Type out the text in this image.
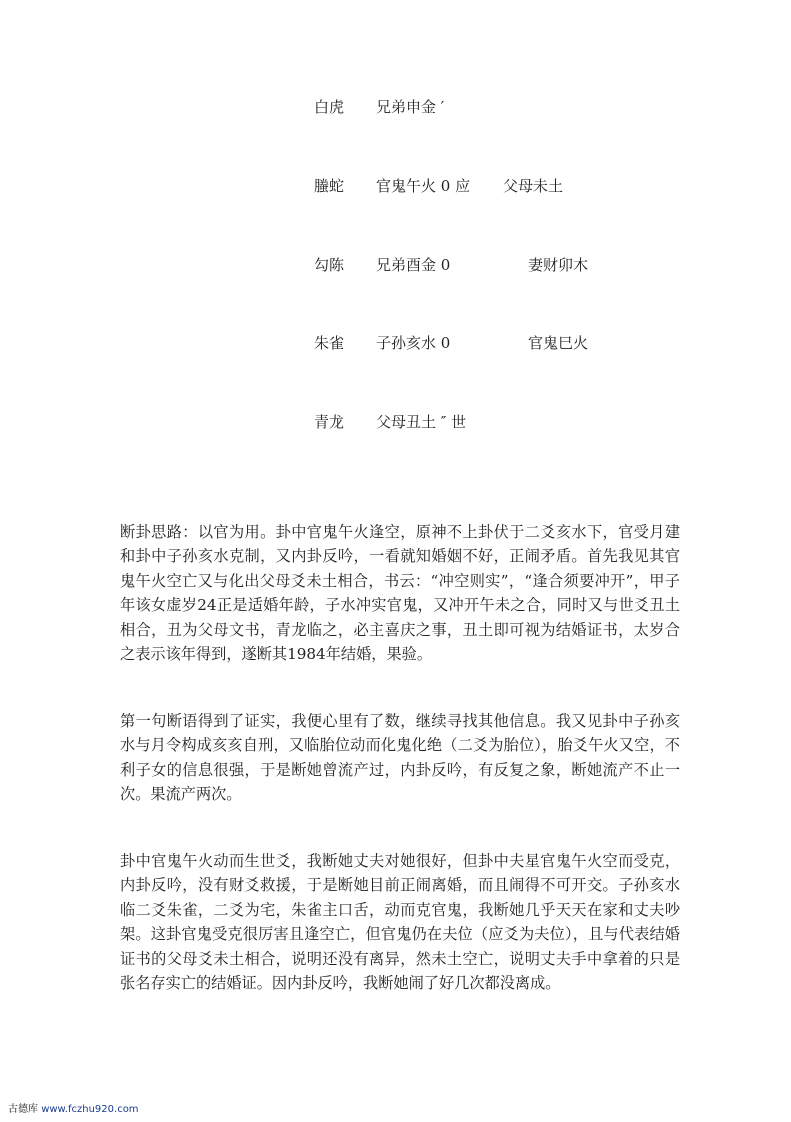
白虎 兄弟申金 ′
螣蛇 官鬼午火 0 应 父母未土
勾陈 兄弟酉金 0	妻财卯木
朱雀 子孙亥水 0	官鬼巳火
青龙 父母丑土 ″ 世

断卦思路：以官为用。卦中官鬼午火逢空，原神不上卦伏于二爻亥水下，官受月建和卦中子孙亥水克制，又内卦反吟，一看就知婚姻不好，正闹矛盾。首先我见其官鬼午火空亡又与化出父母爻未土相合，书云：“冲空则实”，“逢合须要冲开”，甲子年该女虚岁24正是适婚年龄，子水冲实官鬼，又冲开午未之合，同时又与世爻丑土相合，丑为父母文书，青龙临之，必主喜庆之事，丑土即可视为结婚证书，太岁合之表示该年得到，遂断其1984年结婚，果验。

第一句断语得到了证实，我便心里有了数，继续寻找其他信息。我又见卦中子孙亥水与月令构成亥亥自刑，又临胎位动而化鬼化绝（二爻为胎位），胎爻午火又空，不利子女的信息很强，于是断她曾流产过，内卦反吟，有反复之象，断她流产不止一次。果流产两次。

卦中官鬼午火动而生世爻，我断她丈夫对她很好，但卦中夫星官鬼午火空而受克，内卦反吟，没有财爻救援，于是断她目前正闹离婚，而且闹得不可开交。子孙亥水临二爻朱雀，二爻为宅，朱雀主口舌，动而克官鬼，我断她几乎天天在家和丈夫吵架。这卦官鬼受克很厉害且逢空亡，但官鬼仍在夫位（应爻为夫位），且与代表结婚证书的父母爻未土相合，说明还没有离异，然未土空亡，说明丈夫手中拿着的只是张名存实亡的结婚证。因内卦反吟，我断她闹了好几次都没离成。

古德库 www.fczhu920.com
